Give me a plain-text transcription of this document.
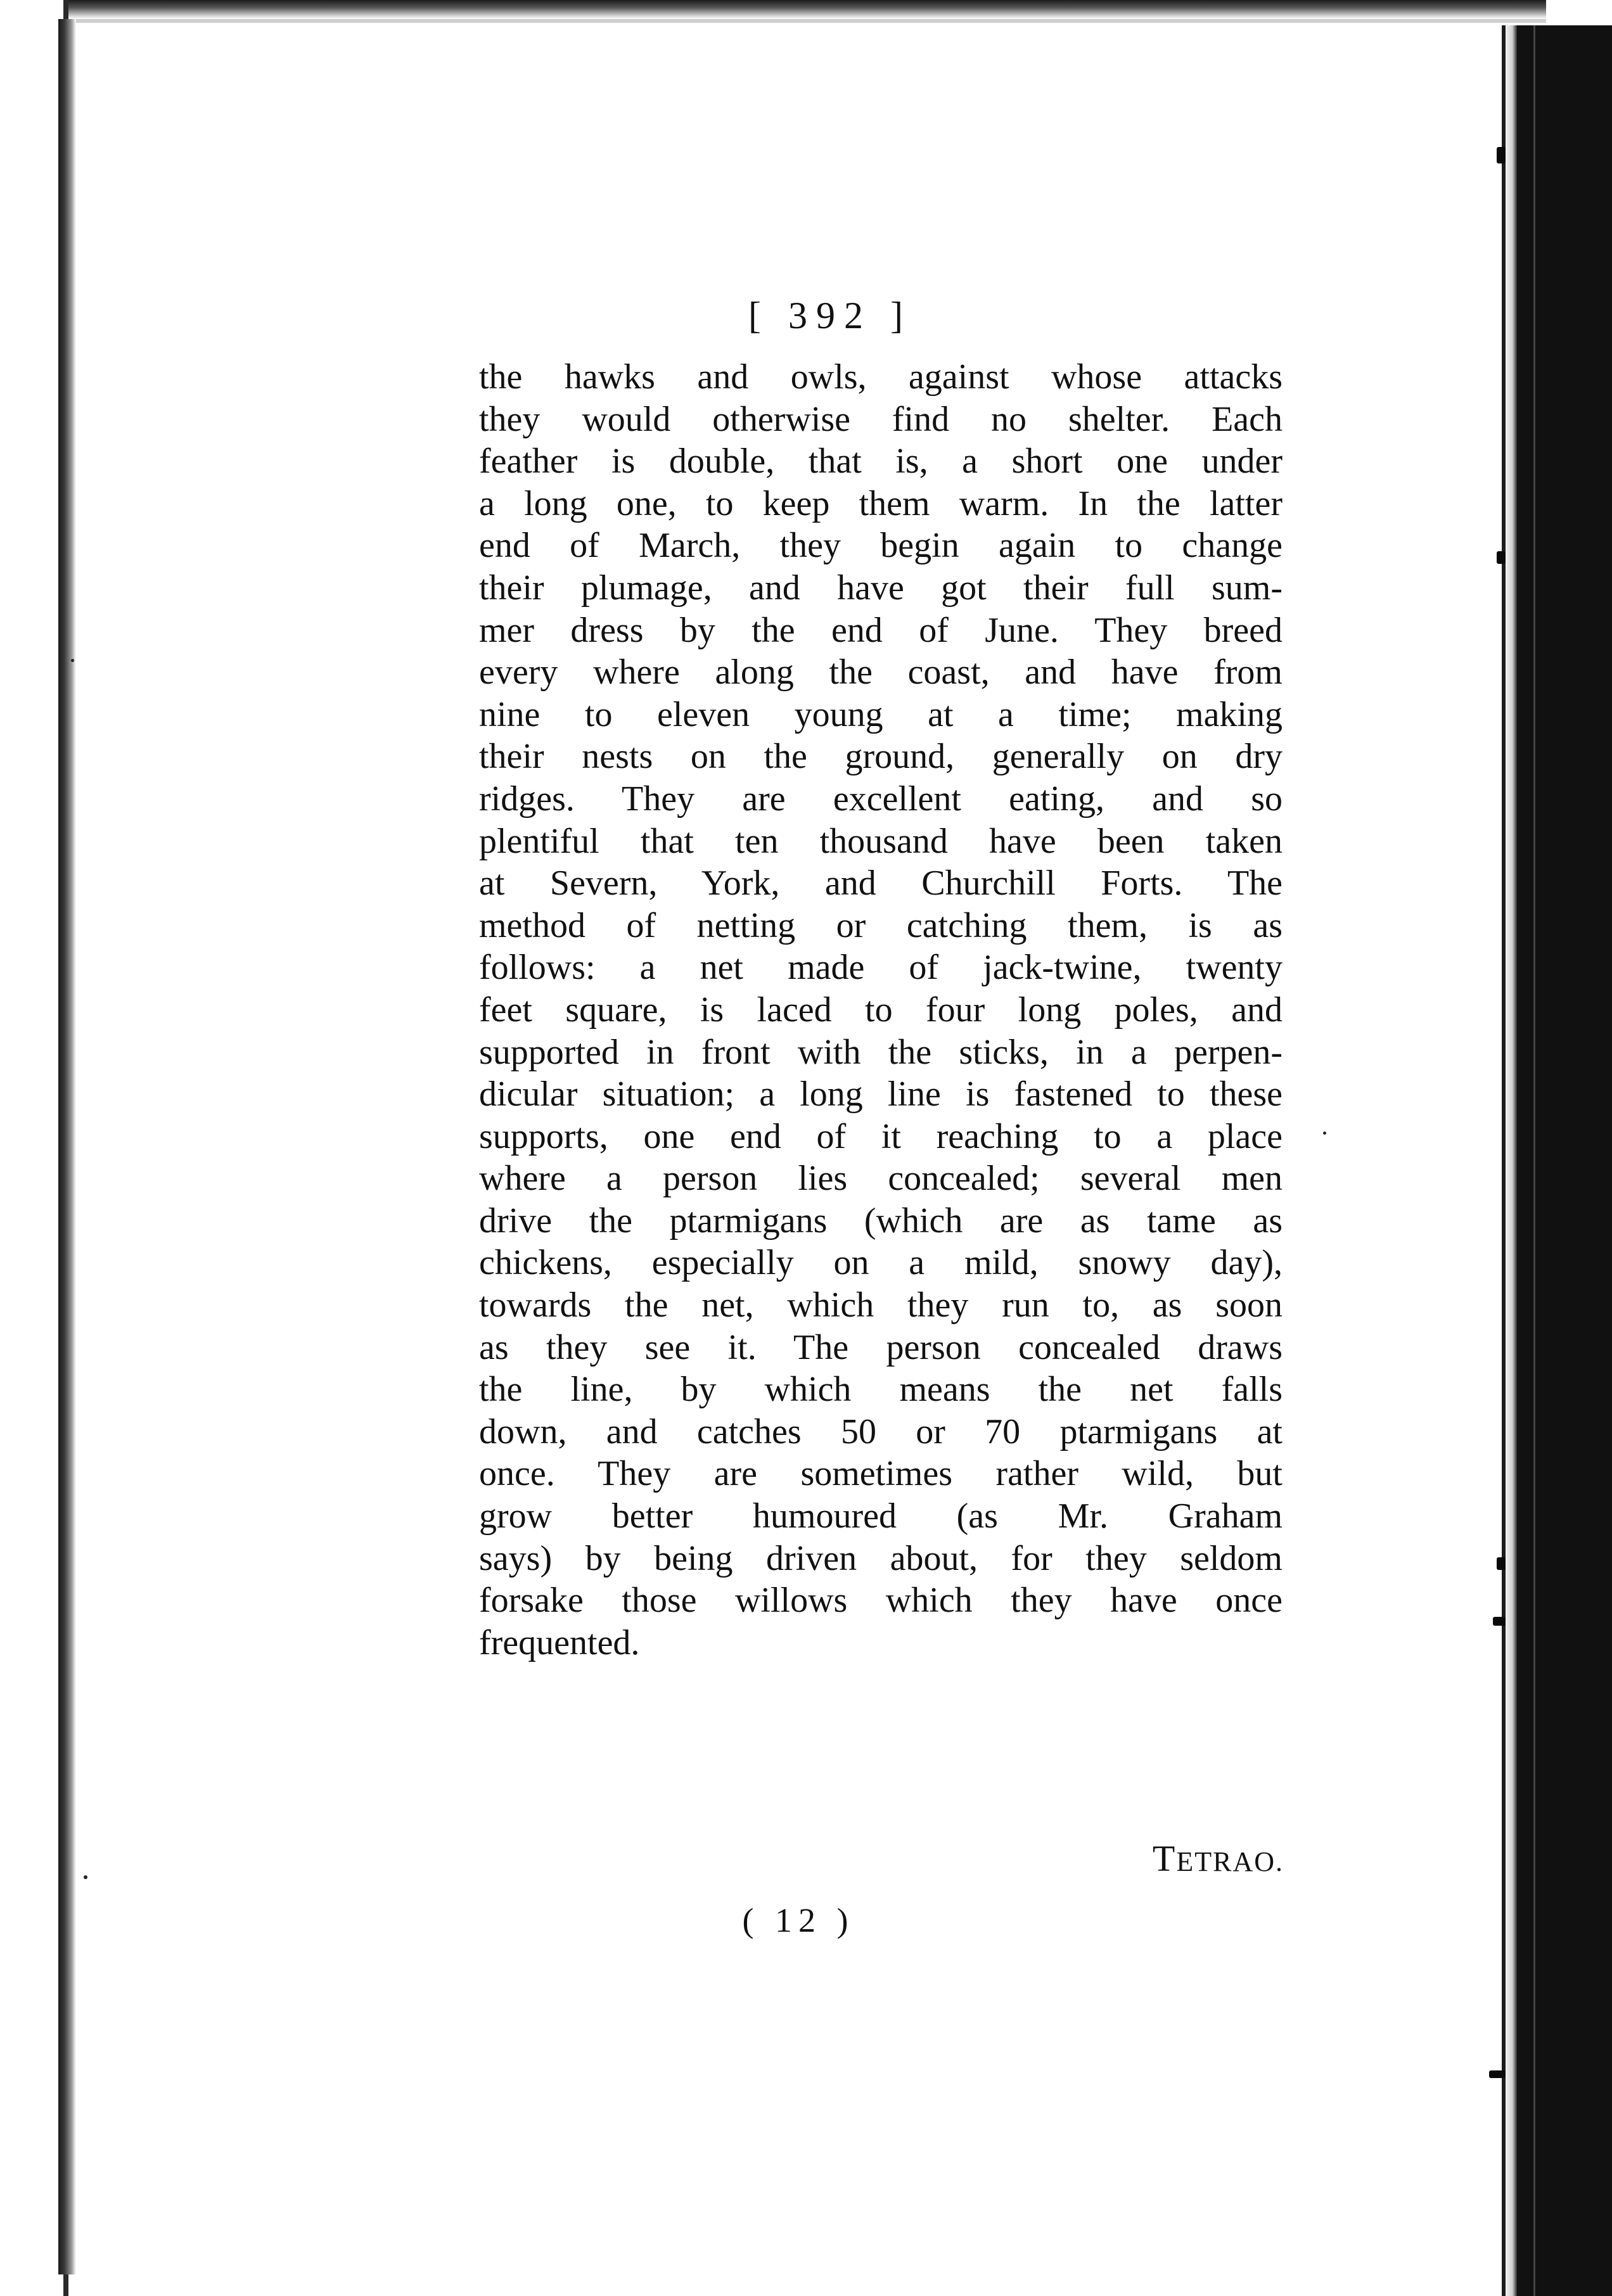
[ 392 ]
the hawks and owls, against whose attacks
they would otherwise find no shelter. Each
feather is double, that is, a short one under
a long one, to keep them warm. In the latter
end of March, they begin again to change
their plumage, and have got their full sum-
mer dress by the end of June. They breed
every where along the coast, and have from
nine to eleven young at a time; making
their nests on the ground, generally on dry
ridges. They are excellent eating, and so
plentiful that ten thousand have been taken
at Severn, York, and Churchill Forts. The
method of netting or catching them, is as
follows: a net made of jack-twine, twenty
feet square, is laced to four long poles, and
supported in front with the sticks, in a perpen-
dicular situation; a long line is fastened to these
supports, one end of it reaching to a place
where a person lies concealed; several men
drive the ptarmigans (which are as tame as
chickens, especially on a mild, snowy day),
towards the net, which they run to, as soon
as they see it. The person concealed draws
the line, by which means the net falls
down, and catches 50 or 70 ptarmigans at
once. They are sometimes rather wild, but
grow better humoured (as Mr. Graham
says) by being driven about, for they seldom
forsake those willows which they have once
frequented.
TETRAO.
( 12 )
